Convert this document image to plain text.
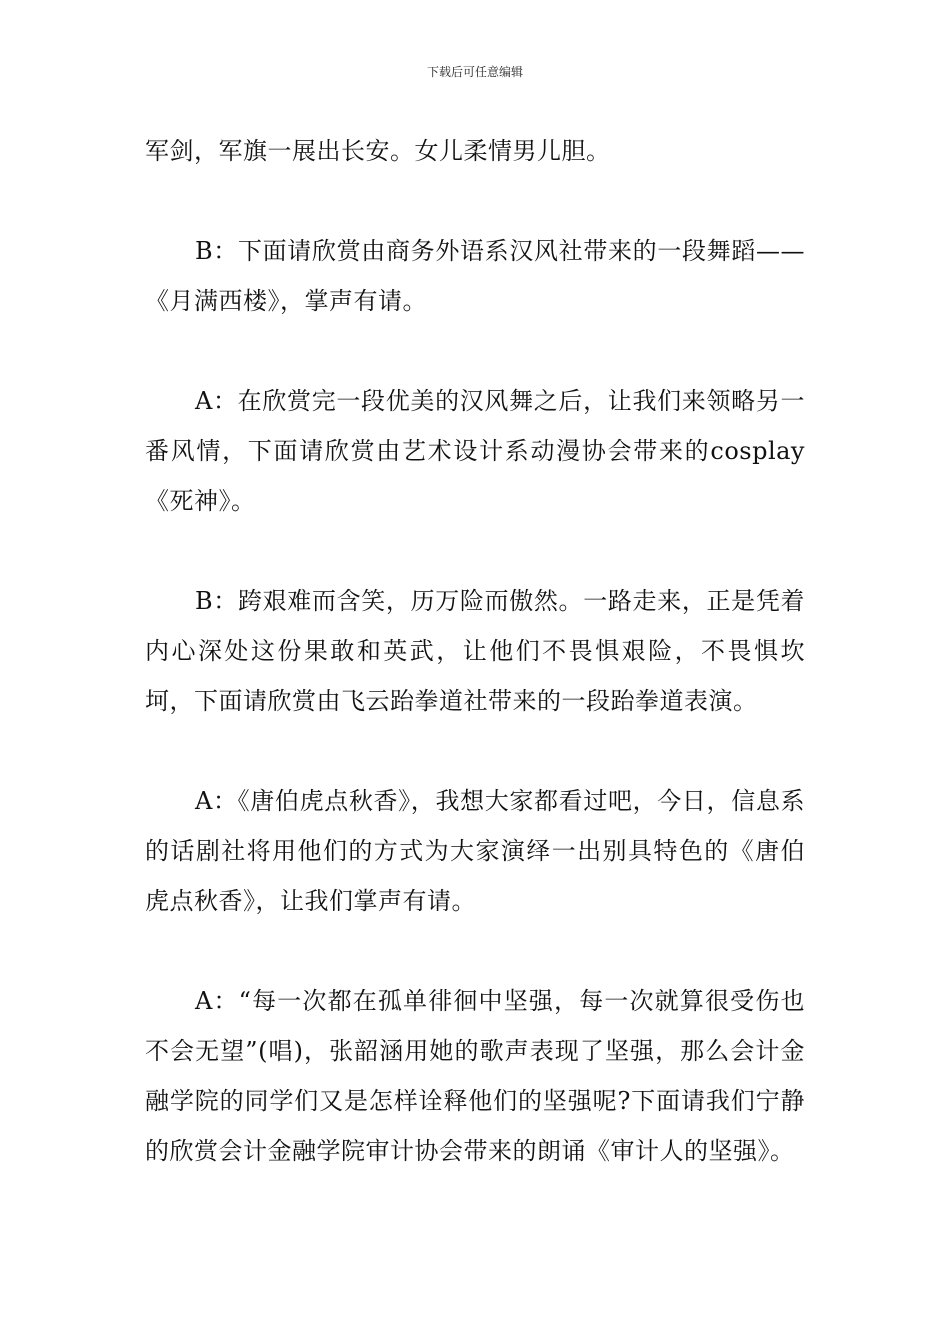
下载后可任意编辑

军剑，军旗一展出长安。女儿柔情男儿胆。

B：下面请欣赏由商务外语系汉风社带来的一段舞蹈——《月满西楼》，掌声有请。

A：在欣赏完一段优美的汉风舞之后，让我们来领略另一番风情，下面请欣赏由艺术设计系动漫协会带来的cosplay《死神》。

B：跨艰难而含笑，历万险而傲然。一路走来，正是凭着内心深处这份果敢和英武，让他们不畏惧艰险，不畏惧坎坷，下面请欣赏由飞云跆拳道社带来的一段跆拳道表演。

A：《唐伯虎点秋香》，我想大家都看过吧，今日，信息系的话剧社将用他们的方式为大家演绎一出别具特色的《唐伯虎点秋香》，让我们掌声有请。

A：“每一次都在孤单徘徊中坚强，每一次就算很受伤也不会无望”(唱)，张韶涵用她的歌声表现了坚强，那么会计金融学院的同学们又是怎样诠释他们的坚强呢?下面请我们宁静的欣赏会计金融学院审计协会带来的朗诵《审计人的坚强》。
